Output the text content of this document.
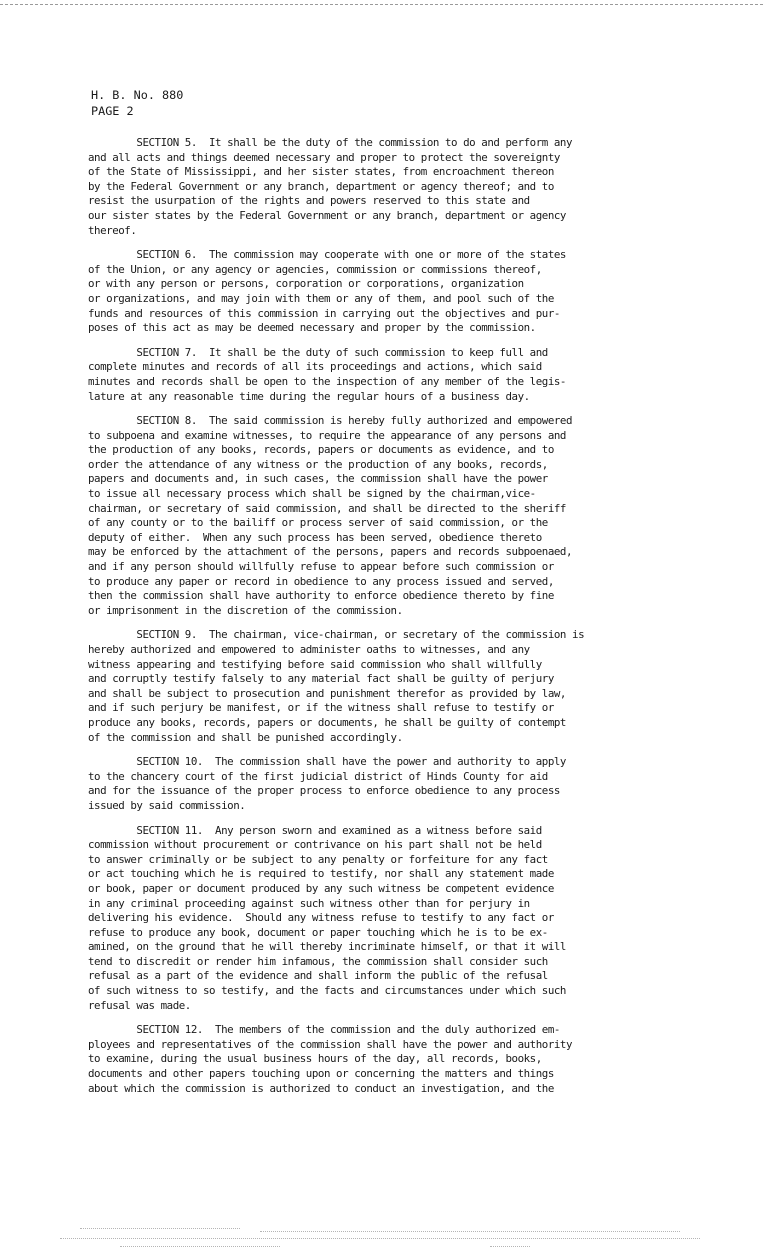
H. B. No. 880
PAGE 2
SECTION 5.  It shall be the duty of the commission to do and perform any
and all acts and things deemed necessary and proper to protect the sovereignty
of the State of Mississippi, and her sister states, from encroachment thereon
by the Federal Government or any branch, department or agency thereof; and to
resist the usurpation of the rights and powers reserved to this state and
our sister states by the Federal Government or any branch, department or agency
thereof.
SECTION 6.  The commission may cooperate with one or more of the states
of the Union, or any agency or agencies, commission or commissions thereof,
or with any person or persons, corporation or corporations, organization
or organizations, and may join with them or any of them, and pool such of the
funds and resources of this commission in carrying out the objectives and pur-
poses of this act as may be deemed necessary and proper by the commission.
SECTION 7.  It shall be the duty of such commission to keep full and
complete minutes and records of all its proceedings and actions, which said
minutes and records shall be open to the inspection of any member of the legis-
lature at any reasonable time during the regular hours of a business day.
SECTION 8.  The said commission is hereby fully authorized and empowered
to subpoena and examine witnesses, to require the appearance of any persons and
the production of any books, records, papers or documents as evidence, and to
order the attendance of any witness or the production of any books, records,
papers and documents and, in such cases, the commission shall have the power
to issue all necessary process which shall be signed by the chairman,vice-
chairman, or secretary of said commission, and shall be directed to the sheriff
of any county or to the bailiff or process server of said commission, or the
deputy of either.  When any such process has been served, obedience thereto
may be enforced by the attachment of the persons, papers and records subpoenaed,
and if any person should willfully refuse to appear before such commission or
to produce any paper or record in obedience to any process issued and served,
then the commission shall have authority to enforce obedience thereto by fine
or imprisonment in the discretion of the commission.
SECTION 9.  The chairman, vice-chairman, or secretary of the commission is
hereby authorized and empowered to administer oaths to witnesses, and any
witness appearing and testifying before said commission who shall willfully
and corruptly testify falsely to any material fact shall be guilty of perjury
and shall be subject to prosecution and punishment therefor as provided by law,
and if such perjury be manifest, or if the witness shall refuse to testify or
produce any books, records, papers or documents, he shall be guilty of contempt
of the commission and shall be punished accordingly.
SECTION 10.  The commission shall have the power and authority to apply
to the chancery court of the first judicial district of Hinds County for aid
and for the issuance of the proper process to enforce obedience to any process
issued by said commission.
SECTION 11.  Any person sworn and examined as a witness before said
commission without procurement or contrivance on his part shall not be held
to answer criminally or be subject to any penalty or forfeiture for any fact
or act touching which he is required to testify, nor shall any statement made
or book, paper or document produced by any such witness be competent evidence
in any criminal proceeding against such witness other than for perjury in
delivering his evidence.  Should any witness refuse to testify to any fact or
refuse to produce any book, document or paper touching which he is to be ex-
amined, on the ground that he will thereby incriminate himself, or that it will
tend to discredit or render him infamous, the commission shall consider such
refusal as a part of the evidence and shall inform the public of the refusal
of such witness to so testify, and the facts and circumstances under which such
refusal was made.
SECTION 12.  The members of the commission and the duly authorized em-
ployees and representatives of the commission shall have the power and authority
to examine, during the usual business hours of the day, all records, books,
documents and other papers touching upon or concerning the matters and things
about which the commission is authorized to conduct an investigation, and the
